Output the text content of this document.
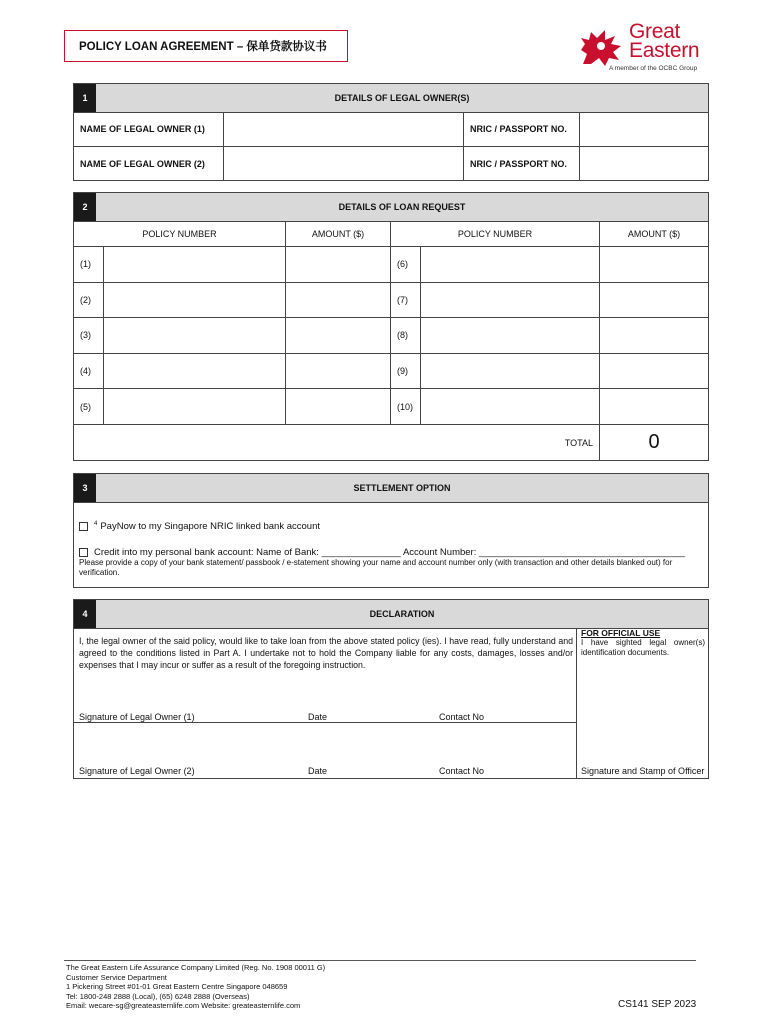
POLICY LOAN AGREEMENT – 保单贷款协议书
Great
Eastern
A member of the OCBC Group
1	DETAILS OF LEGAL OWNER(S)
NAME OF LEGAL OWNER (1)	NRIC / PASSPORT NO.
NAME OF LEGAL OWNER (2)	NRIC / PASSPORT NO.
2	DETAILS OF LOAN REQUEST
POLICY NUMBER	AMOUNT ($)	POLICY NUMBER	AMOUNT ($)
(1)	(6)
(2)	(7)
(3)	(8)
(4)	(9)
(5)	(10)
TOTAL	0
3	SETTLEMENT OPTION
$^4$ PayNow to my Singapore NRIC linked bank account
Credit into my personal bank account: Name of Bank: _______________ Account Number: _______________________________________
Please provide a copy of your bank statement/ passbook / e-statement showing your name and account number only (with transaction and other details blanked out) for verification.
4	DECLARATION
I, the legal owner of the said policy, would like to take loan from the above stated policy (ies). I have read, fully understand and agreed to the conditions listed in Part A. I undertake not to hold the Company liable for any costs, damages, losses and/or expenses that I may incur or suffer as a result of the foregoing instruction.
Signature of Legal Owner (1)	Date	Contact No
Signature of Legal Owner (2)	Date	Contact No
FOR OFFICIAL USE
I have sighted legal owner(s) identification documents.
Signature and Stamp of Officer
The Great Eastern Life Assurance Company Limited (Reg. No. 1908 00011 G)
Customer Service Department
1 Pickering Street #01-01 Great Eastern Centre Singapore 048659
Tel: 1800-248 2888 (Local), (65) 6248 2888 (Overseas)
Email: wecare-sg@greateasternlife.com Website: greateasternlife.com	CS141 SEP 2023
